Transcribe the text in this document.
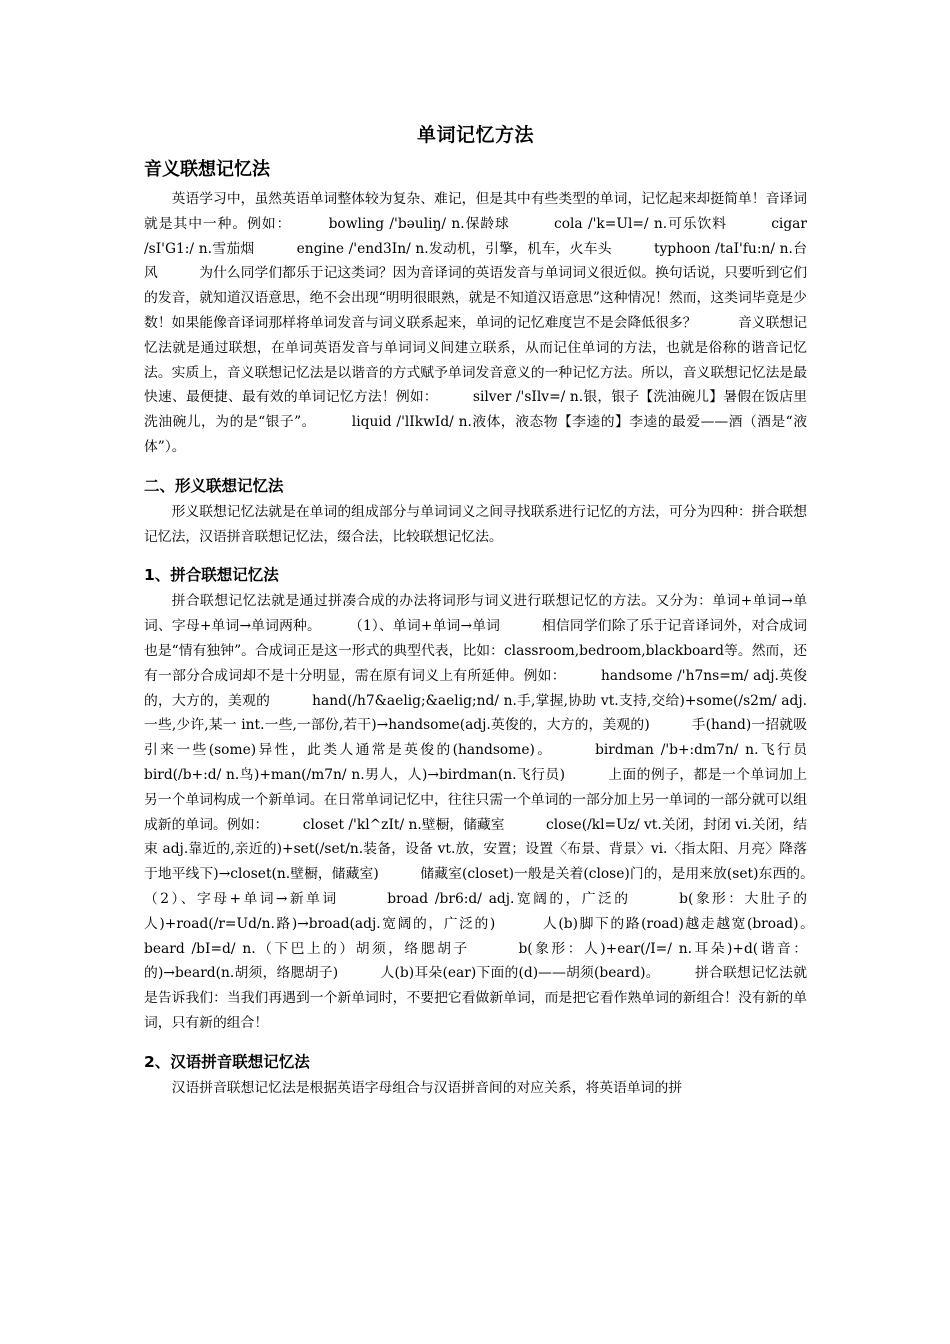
单词记忆方法
音义联想记忆法

英语学习中，虽然英语单词整体较为复杂、难记，但是其中有些类型的单词，记忆起来却挺简单！音译词就是其中一种。例如：　　　bowling /'bəuliŋ/ n.保龄球　　　cola /'k=Ul=/ n.可乐饮料　　　cigar /sI'G1:/ n.雪茄烟　　　engine /'end3In/ n.发动机，引擎，机车，火车头　　　typhoon /taI'fu:n/ n.台风　　　为什么同学们都乐于记这类词？因为音译词的英语发音与单词词义很近似。换句话说，只要听到它们的发音，就知道汉语意思，绝不会出现“明明很眼熟，就是不知道汉语意思”这种情况！然而，这类词毕竟是少数！如果能像音译词那样将单词发音与词义联系起来，单词的记忆难度岂不是会降低很多？　　　音义联想记忆法就是通过联想，在单词英语发音与单词词义间建立联系，从而记住单词的方法，也就是俗称的谐音记忆法。实质上，音义联想记忆法是以谐音的方式赋予单词发音意义的一种记忆方法。所以，音义联想记忆法是最快速、最便捷、最有效的单词记忆方法！例如：　　　silver /'sIlv=/ n.银，银子【洗油碗儿】暑假在饭店里洗油碗儿，为的是“银子”。　　　liquid /'lIkwId/ n.液体，液态物【李逵的】李逵的最爱——酒（酒是“液体”）。

二、形义联想记忆法

形义联想记忆法就是在单词的组成部分与单词词义之间寻找联系进行记忆的方法，可分为四种：拼合联想记忆法，汉语拼音联想记忆法，缀合法，比较联想记忆法。

1、拼合联想记忆法

拼合联想记忆法就是通过拼凑合成的办法将词形与词义进行联想记忆的方法。又分为：单词+单词→单词、字母+单词→单词两种。　　　（1）、单词+单词→单词　　　相信同学们除了乐于记音译词外，对合成词也是“情有独钟”。合成词正是这一形式的典型代表，比如：classroom,bedroom,blackboard等。然而，还有一部分合成词却不是十分明显，需在原有词义上有所延伸。例如：　　　handsome /'h7ns=m/ adj.英俊的，大方的，美观的　　　hand(/h7&aelig;&aelig;nd/ n.手,掌握,协助 vt.支持,交给)+some(/s2m/ adj.一些,少许,某一 int.一些,一部份,若干)→handsome(adj.英俊的，大方的，美观的)　　　手(hand)一招就吸引来一些(some)异性，此类人通常是英俊的(handsome)。　　　birdman /'b+:dm7n/ n.飞行员　　　bird(/b+:d/ n.鸟)+man(/m7n/ n.男人，人)→birdman(n.飞行员)　　　上面的例子，都是一个单词加上另一个单词构成一个新单词。在日常单词记忆中，往往只需一个单词的一部分加上另一单词的一部分就可以组成新的单词。例如：　　　closet /'kl^zIt/ n.壁橱，储藏室　　　close(/kl=Uz/ vt.关闭，封闭 vi.关闭，结束 adj.靠近的,亲近的)+set(/set/n.装备，设备 vt.放，安置；设置〈布景、背景〉vi.〈指太阳、月亮〉降落于地平线下)→closet(n.壁橱，储藏室)　　　储藏室(closet)一般是关着(close)门的，是用来放(set)东西的。　　　（2）、字母+单词→新单词　　　broad /br6:d/ adj.宽阔的，广泛的　　　b(象形：大肚子的人)+road(/r=Ud/n.路)→broad(adj.宽阔的，广泛的)　　　人(b)脚下的路(road)越走越宽(broad)。　　　beard /bI=d/ n.（下巴上的）胡须，络腮胡子　　　b(象形：人)+ear(/I=/ n.耳朵)+d(谐音：的)→beard(n.胡须，络腮胡子)　　　人(b)耳朵(ear)下面的(d)——胡须(beard)。　　　拼合联想记忆法就是告诉我们：当我们再遇到一个新单词时，不要把它看做新单词，而是把它看作熟单词的新组合！没有新的单词，只有新的组合！

2、汉语拼音联想记忆法

汉语拼音联想记忆法是根据英语字母组合与汉语拼音间的对应关系，将英语单词的拼
